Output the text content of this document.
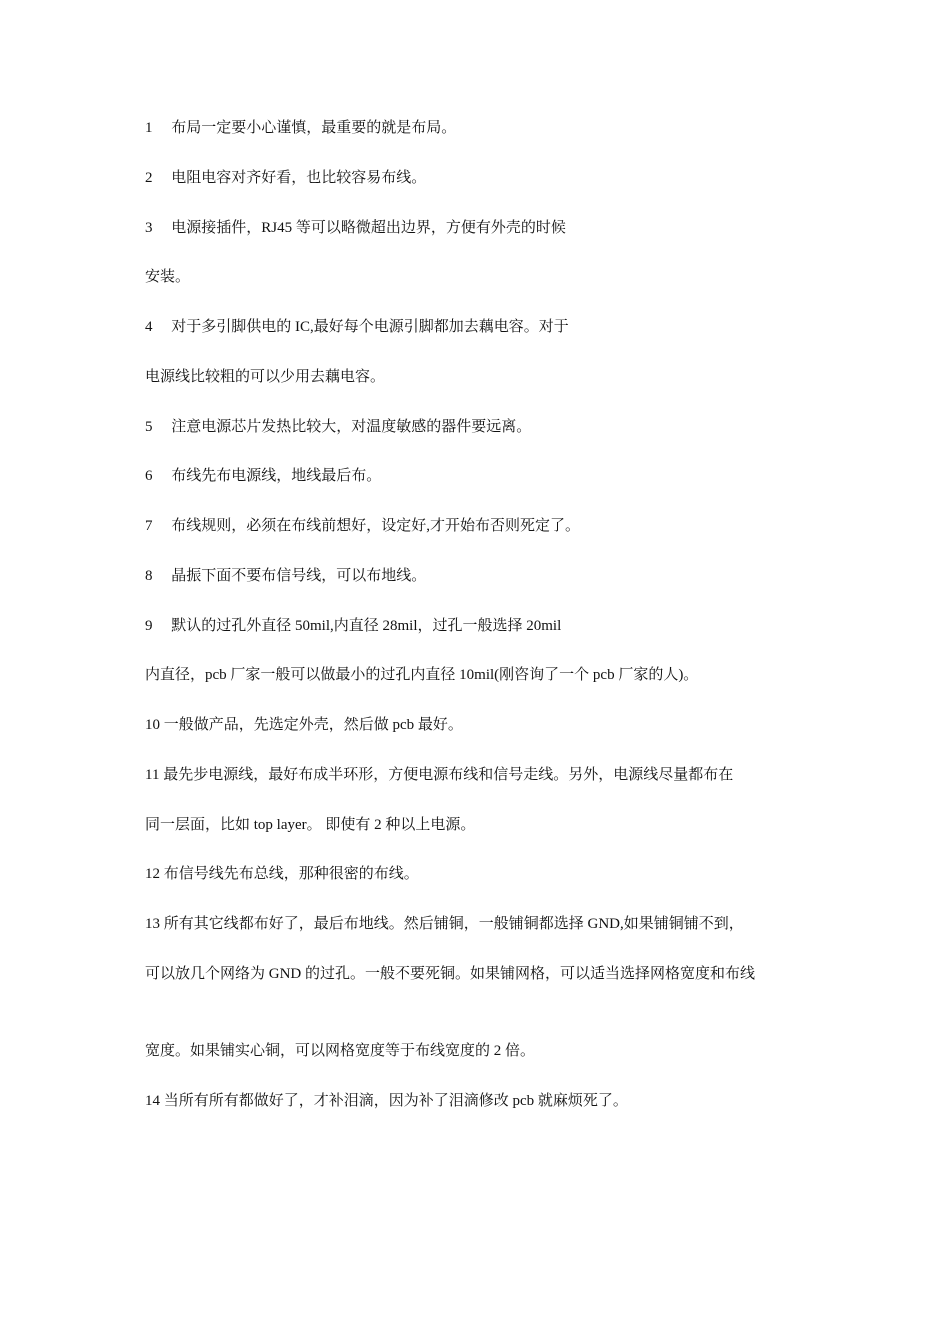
1　 布局一定要小心谨慎，最重要的就是布局。
2　 电阻电容对齐好看，也比较容易布线。
3　 电源接插件，RJ45 等可以略微超出边界，方便有外壳的时候
安装。
4　 对于多引脚供电的 IC,最好每个电源引脚都加去藕电容。对于
电源线比较粗的可以少用去藕电容。
5　 注意电源芯片发热比较大，对温度敏感的器件要远离。
6　 布线先布电源线，地线最后布。
7　 布线规则，必须在布线前想好，设定好,才开始布否则死定了。
8　 晶振下面不要布信号线，可以布地线。
9　 默认的过孔外直径 50mil,内直径 28mil，过孔一般选择 20mil
内直径，pcb 厂家一般可以做最小的过孔内直径 10mil(刚咨询了一个 pcb 厂家的人)。
10 一般做产品，先选定外壳，然后做 pcb 最好。
11 最先步电源线，最好布成半环形，方便电源布线和信号走线。另外，电源线尽量都布在
同一层面，比如 top layer。 即使有 2 种以上电源。
12 布信号线先布总线，那种很密的布线。
13 所有其它线都布好了，最后布地线。然后铺铜，一般铺铜都选择 GND,如果铺铜铺不到，
可以放几个网络为 GND 的过孔。一般不要死铜。如果铺网格，可以适当选择网格宽度和布线
宽度。如果铺实心铜，可以网格宽度等于布线宽度的 2 倍。
14 当所有所有都做好了，才补泪滴，因为补了泪滴修改 pcb 就麻烦死了。
